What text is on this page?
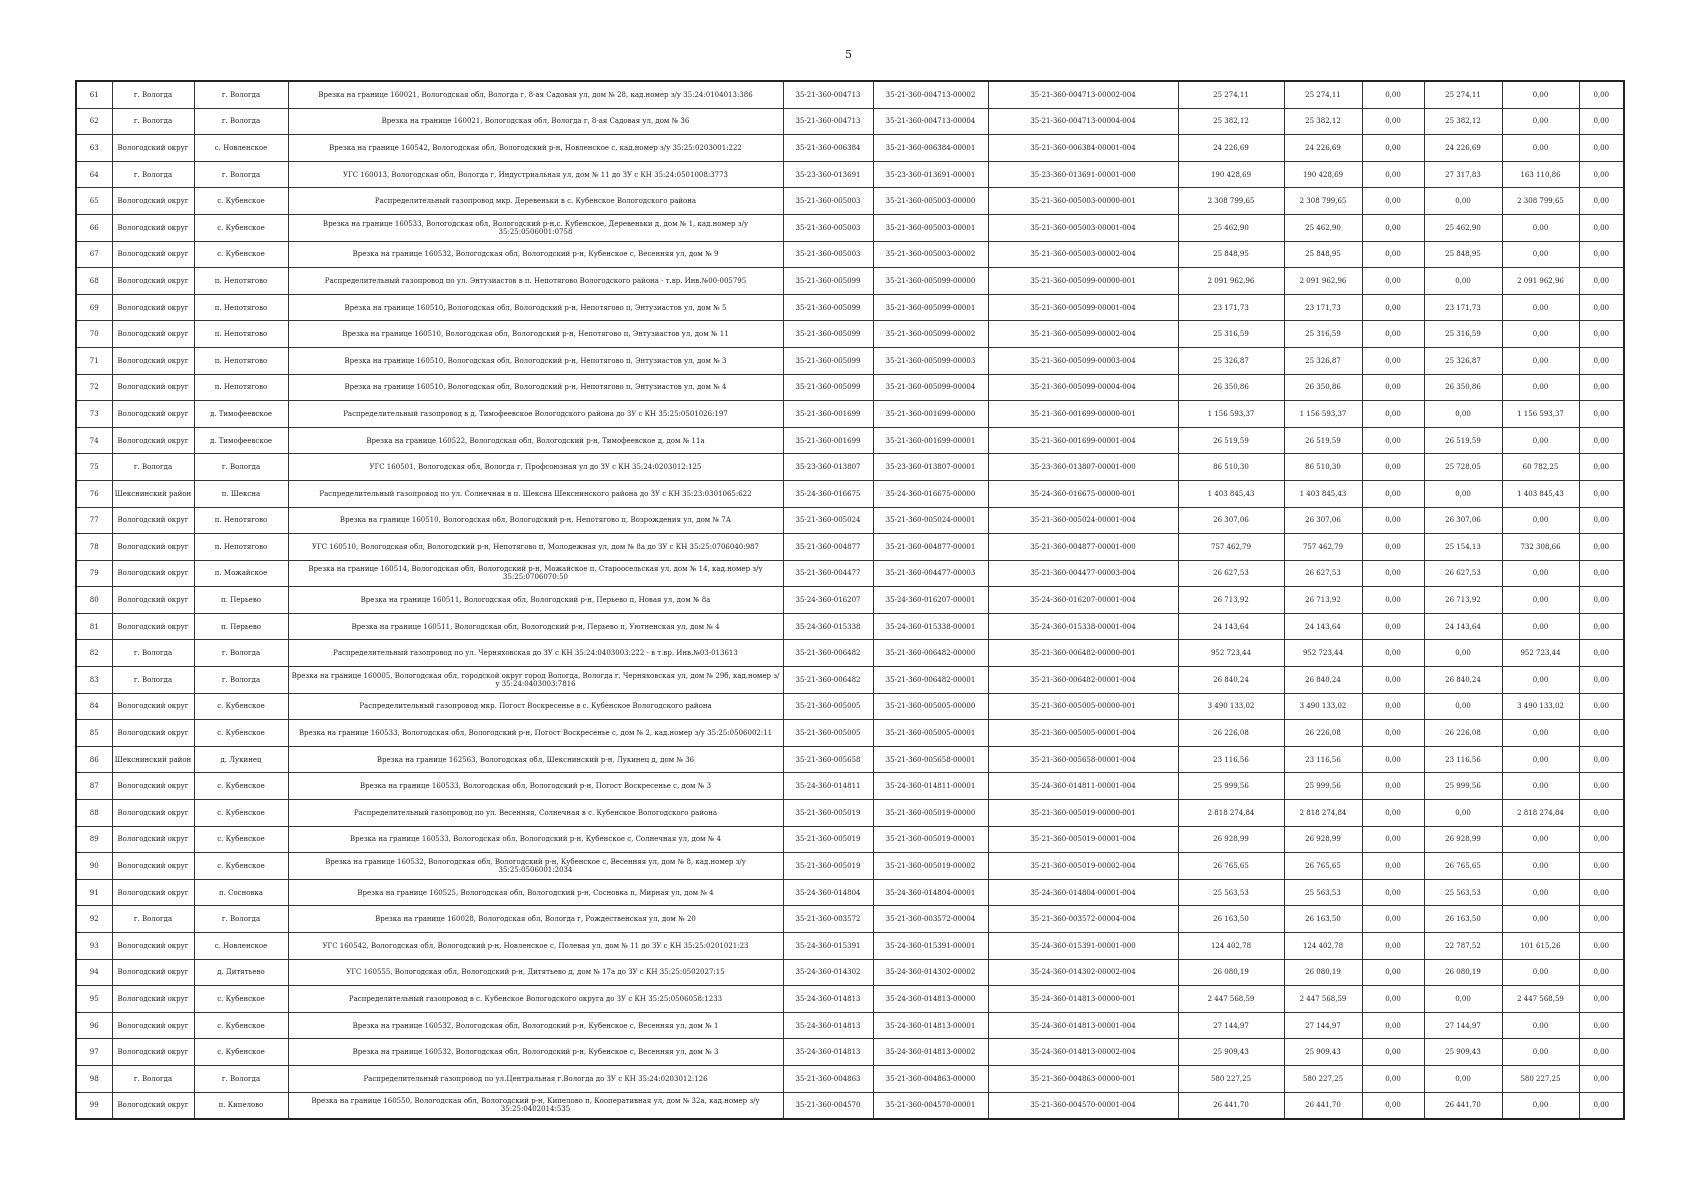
5
61	г. Вологда	г. Вологда	Врезка на границе 160021, Вологодская обл, Вологда г, 8-ая Садовая ул, дом № 28, кад.номер з/у 35:24:0104013:386	35-21-360-004713	35-21-360-004713-00002	35-21-360-004713-00002-004	25 274,11	25 274,11	0,00	25 274,11	0,00	0,00
62	г. Вологда	г. Вологда	Врезка на границе 160021, Вологодская обл, Вологда г, 8-ая Садовая ул, дом № 36	35-21-360-004713	35-21-360-004713-00004	35-21-360-004713-00004-004	25 382,12	25 382,12	0,00	25 382,12	0,00	0,00
63	Вологодский округ	с. Новленское	Врезка на границе 160542, Вологодская обл, Вологодский р-н, Новленское с, кад.номер з/у 35:25:0203001:222	35-21-360-006384	35-21-360-006384-00001	35-21-360-006384-00001-004	24 226,69	24 226,69	0,00	24 226,69	0,00	0,00
64	г. Вологда	г. Вологда	УГС 160013, Вологодская обл, Вологда г, Индустриальная ул, дом № 11 до ЗУ с КН 35:24:0501008:3773	35-23-360-013691	35-23-360-013691-00001	35-23-360-013691-00001-000	190 428,69	190 428,69	0,00	27 317,83	163 110,86	0,00
65	Вологодский округ	с. Кубенское	Распределительный газопровод мкр. Деревеньки в с. Кубенское Вологодского района	35-21-360-005003	35-21-360-005003-00000	35-21-360-005003-00000-001	2 308 799,65	2 308 799,65	0,00	0,00	2 308 799,65	0,00
66	Вологодский округ	с. Кубенское	Врезка на границе 160533, Вологодская обл, Вологодский р-н,с. Кубенское, Деревеньки д, дом № 1, кад.номер з/у 35:25:0506001:0758	35-21-360-005003	35-21-360-005003-00001	35-21-360-005003-00001-004	25 462,90	25 462,90	0,00	25 462,90	0,00	0,00
67	Вологодский округ	с. Кубенское	Врезка на границе 160532, Вологодская обл, Вологодский р-н, Кубенское с, Весенняя ул, дом № 9	35-21-360-005003	35-21-360-005003-00002	35-21-360-005003-00002-004	25 848,95	25 848,95	0,00	25 848,95	0,00	0,00
68	Вологодский округ	п. Непотягово	Распределительный газопровод по ул. Энтузиастов в п. Непотягово Вологодского района - т.вр. Инв.№00-005795	35-21-360-005099	35-21-360-005099-00000	35-21-360-005099-00000-001	2 091 962,96	2 091 962,96	0,00	0,00	2 091 962,96	0,00
69	Вологодский округ	п. Непотягово	Врезка на границе 160510, Вологодская обл, Вологодский р-н, Непотягово п, Энтузиастов ул, дом № 5	35-21-360-005099	35-21-360-005099-00001	35-21-360-005099-00001-004	23 171,73	23 171,73	0,00	23 171,73	0,00	0,00
70	Вологодский округ	п. Непотягово	Врезка на границе 160510, Вологодская обл, Вологодский р-н, Непотягово п, Энтузиастов ул, дом № 11	35-21-360-005099	35-21-360-005099-00002	35-21-360-005099-00002-004	25 316,59	25 316,59	0,00	25 316,59	0,00	0,00
71	Вологодский округ	п. Непотягово	Врезка на границе 160510, Вологодская обл, Вологодский р-н, Непотягово п, Энтузиастов ул, дом № 3	35-21-360-005099	35-21-360-005099-00003	35-21-360-005099-00003-004	25 326,87	25 326,87	0,00	25 326,87	0,00	0,00
72	Вологодский округ	п. Непотягово	Врезка на границе 160510, Вологодская обл, Вологодский р-н, Непотягово п, Энтузиастов ул, дом № 4	35-21-360-005099	35-21-360-005099-00004	35-21-360-005099-00004-004	26 350,86	26 350,86	0,00	26 350,86	0,00	0,00
73	Вологодский округ	д. Тимофеевское	Распределительный газопровод в д. Тимофеевское Вологодского района до ЗУ с КН 35:25:0501026:197	35-21-360-001699	35-21-360-001699-00000	35-21-360-001699-00000-001	1 156 593,37	1 156 593,37	0,00	0,00	1 156 593,37	0,00
74	Вологодский округ	д. Тимофеевское	Врезка на границе 160522, Вологодская обл, Вологодский р-н, Тимофеевское д, дом № 11а	35-21-360-001699	35-21-360-001699-00001	35-21-360-001699-00001-004	26 519,59	26 519,59	0,00	26 519,59	0,00	0,00
75	г. Вологда	г. Вологда	УГС 160501, Вологодская обл, Вологда г, Профсоюзная ул до ЗУ с КН 35:24:0203012:125	35-23-360-013807	35-23-360-013807-00001	35-23-360-013807-00001-000	86 510,30	86 510,30	0,00	25 728,05	60 782,25	0,00
76	Шекснинский район	п. Шексна	Распределительный газопровод по ул. Солнечная в п. Шексна Шекснинского района до ЗУ с КН 35:23:0301065:622	35-24-360-016675	35-24-360-016675-00000	35-24-360-016675-00000-001	1 403 845,43	1 403 845,43	0,00	0,00	1 403 845,43	0,00
77	Вологодский округ	п. Непотягово	Врезка на границе 160510, Вологодская обл, Вологодский р-н, Непотягово п, Возрождения ул, дом № 7А	35-21-360-005024	35-21-360-005024-00001	35-21-360-005024-00001-004	26 307,06	26 307,06	0,00	26 307,06	0,00	0,00
78	Вологодский округ	п. Непотягово	УГС 160510, Вологодская обл, Вологодский р-н, Непотягово п, Молодежная ул, дом № 8а до ЗУ с КН 35:25:0706040:987	35-21-360-004877	35-21-360-004877-00001	35-21-360-004877-00001-000	757 462,79	757 462,79	0,00	25 154,13	732 308,66	0,00
79	Вологодский округ	п. Можайское	Врезка на границе 160514, Вологодская обл, Вологодский р-н, Можайское п, Староосельская ул, дом № 14, кад.номер з/у 35:25:0706070:50	35-21-360-004477	35-21-360-004477-00003	35-21-360-004477-00003-004	26 627,53	26 627,53	0,00	26 627,53	0,00	0,00
80	Вологодский округ	п. Перьево	Врезка на границе 160511, Вологодская обл, Вологодский р-н, Перьево п, Новая ул, дом № 8а	35-24-360-016207	35-24-360-016207-00001	35-24-360-016207-00001-004	26 713,92	26 713,92	0,00	26 713,92	0,00	0,00
81	Вологодский округ	п. Перьево	Врезка на границе 160511, Вологодская обл, Вологодский р-н, Перьево п, Уютненская ул, дом № 4	35-24-360-015338	35-24-360-015338-00001	35-24-360-015338-00001-004	24 143,64	24 143,64	0,00	24 143,64	0,00	0,00
82	г. Вологда	г. Вологда	Распределительный газопровод по ул. Черняховская до ЗУ с КН 35:24:0403003:222 - в т.вр. Инв.№03-013613	35-21-360-006482	35-21-360-006482-00000	35-21-360-006482-00000-001	952 723,44	952 723,44	0,00	0,00	952 723,44	0,00
83	г. Вологда	г. Вологда	Врезка на границе 160005, Вологодская обл, городской округ город Вологда, Вологда г, Черняховская ул, дом № 29б, кад.номер з/у 35:24:0403003:7816	35-21-360-006482	35-21-360-006482-00001	35-21-360-006482-00001-004	26 840,24	26 840,24	0,00	26 840,24	0,00	0,00
84	Вологодский округ	с. Кубенское	Распределительный газопровод мкр. Погост Воскресенье в с. Кубенское Вологодского района	35-21-360-005005	35-21-360-005005-00000	35-21-360-005005-00000-001	3 490 133,02	3 490 133,02	0,00	0,00	3 490 133,02	0,00
85	Вологодский округ	с. Кубенское	Врезка на границе 160533, Вологодская обл, Вологодский р-н, Погост Воскресенье с, дом № 2, кад.номер з/у 35:25:0506002:11	35-21-360-005005	35-21-360-005005-00001	35-21-360-005005-00001-004	26 226,08	26 226,08	0,00	26 226,08	0,00	0,00
86	Шекснинский район	д. Лукинец	Врезка на границе 162563, Вологодская обл, Шекснинский р-н, Лукинец д, дом № 36	35-21-360-005658	35-21-360-005658-00001	35-21-360-005658-00001-004	23 116,56	23 116,56	0,00	23 116,56	0,00	0,00
87	Вологодский округ	с. Кубенское	Врезка на границе 160533, Вологодская обл, Вологодский р-н, Погост Воскресенье с, дом № 3	35-24-360-014811	35-24-360-014811-00001	35-24-360-014811-00001-004	25 999,56	25 999,56	0,00	25 999,56	0,00	0,00
88	Вологодский округ	с. Кубенское	Распределительный газопровод по ул. Весенняя, Солнечная в с. Кубенское Вологодского района	35-21-360-005019	35-21-360-005019-00000	35-21-360-005019-00000-001	2 818 274,84	2 818 274,84	0,00	0,00	2 818 274,84	0,00
89	Вологодский округ	с. Кубенское	Врезка на границе 160533, Вологодская обл, Вологодский р-н, Кубенское с, Солнечная ул, дом № 4	35-21-360-005019	35-21-360-005019-00001	35-21-360-005019-00001-004	26 928,99	26 928,99	0,00	26 928,99	0,00	0,00
90	Вологодский округ	с. Кубенское	Врезка на границе 160532, Вологодская обл, Вологодский р-н, Кубенское с, Весенняя ул, дом № 8, кад.номер з/у 35:25:0506001:2034	35-21-360-005019	35-21-360-005019-00002	35-21-360-005019-00002-004	26 765,65	26 765,65	0,00	26 765,65	0,00	0,00
91	Вологодский округ	п. Сосновка	Врезка на границе 160525, Вологодская обл, Вологодский р-н, Сосновка п, Мирная ул, дом № 4	35-24-360-014804	35-24-360-014804-00001	35-24-360-014804-00001-004	25 563,53	25 563,53	0,00	25 563,53	0,00	0,00
92	г. Вологда	г. Вологда	Врезка на границе 160028, Вологодская обл, Вологда г, Рождественская ул, дом № 20	35-21-360-003572	35-21-360-003572-00004	35-21-360-003572-00004-004	26 163,50	26 163,50	0,00	26 163,50	0,00	0,00
93	Вологодский округ	с. Новленское	УГС 160542, Вологодская обл, Вологодский р-н, Новленское с, Полевая ул, дом № 11 до ЗУ с КН 35:25:0201021:23	35-24-360-015391	35-24-360-015391-00001	35-24-360-015391-00001-000	124 402,78	124 402,78	0,00	22 787,52	101 615,26	0,00
94	Вологодский округ	д. Дитятьево	УГС 160555, Вологодская обл, Вологодский р-н, Дитятьево д, дом № 17а до ЗУ с КН 35:25:0502027:15	35-24-360-014302	35-24-360-014302-00002	35-24-360-014302-00002-004	26 080,19	26 080,19	0,00	26 080,19	0,00	0,00
95	Вологодский округ	с. Кубенское	Распределительный газопровод в с. Кубенское Вологодского округа до ЗУ с КН 35:25:0506058:1233	35-24-360-014813	35-24-360-014813-00000	35-24-360-014813-00000-001	2 447 568,59	2 447 568,59	0,00	0,00	2 447 568,59	0,00
96	Вологодский округ	с. Кубенское	Врезка на границе 160532, Вологодская обл, Вологодский р-н, Кубенское с, Весенняя ул, дом № 1	35-24-360-014813	35-24-360-014813-00001	35-24-360-014813-00001-004	27 144,97	27 144,97	0,00	27 144,97	0,00	0,00
97	Вологодский округ	с. Кубенское	Врезка на границе 160532, Вологодская обл, Вологодский р-н, Кубенское с, Весенняя ул, дом № 3	35-24-360-014813	35-24-360-014813-00002	35-24-360-014813-00002-004	25 909,43	25 909,43	0,00	25 909,43	0,00	0,00
98	г. Вологда	г. Вологда	Распределительный газопровод по ул.Центральная г.Вологда до ЗУ с КН 35:24:0203012:126	35-21-360-004863	35-21-360-004863-00000	35-21-360-004863-00000-001	580 227,25	580 227,25	0,00	0,00	580 227,25	0,00
99	Вологодский округ	п. Кипелово	Врезка на границе 160550, Вологодская обл, Вологодский р-н, Кипелово п, Кооперативная ул, дом № 32а, кад.номер з/у 35:25:0402014:535	35-21-360-004570	35-21-360-004570-00001	35-21-360-004570-00001-004	26 441,70	26 441,70	0,00	26 441,70	0,00	0,00
